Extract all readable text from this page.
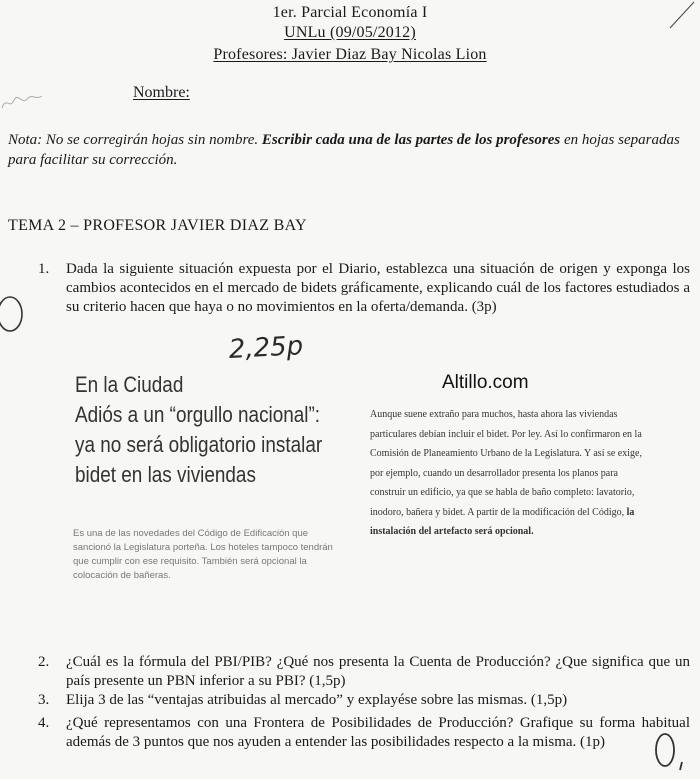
1er. Parcial Economía I
UNLu (09/05/2012)
Profesores: Javier Diaz Bay Nicolas Lion
Nombre:
Nota: No se corregirán hojas sin nombre. Escribir cada una de las partes de los profesores en hojas separadas para facilitar su corrección.
TEMA 2 – PROFESOR JAVIER DIAZ BAY
1. Dada la siguiente situación expuesta por el Diario, establezca una situación de origen y exponga los cambios acontecidos en el mercado de bidets gráficamente, explicando cuál de los factores estudiados a su criterio hacen que haya o no movimientos en la oferta/demanda. (3p)
Altillo.com
En la Ciudad
Adiós a un “orgullo nacional”:
ya no será obligatorio instalar
bidet en las viviendas
Es una de las novedades del Código de Edificación que sancionó la Legislatura porteña. Los hoteles tampoco tendrán que cumplir con ese requisito. También será opcional la colocación de bañeras.
Aunque suene extraño para muchos, hasta ahora las viviendas particulares debían incluir el bidet. Por ley. Así lo confirmaron en la Comisión de Planeamiento Urbano de la Legislatura. Y así se exige, por ejemplo, cuando un desarrollador presenta los planos para construir un edificio, ya que se habla de baño completo: lavatorio, inodoro, bañera y bidet. A partir de la modificación del Código, la instalación del artefacto será opcional.
2. ¿Cuál es la fórmula del PBI/PIB? ¿Qué nos presenta la Cuenta de Producción? ¿Que significa que un país presente un PBN inferior a su PBI? (1,5p)
3. Elija 3 de las “ventajas atribuidas al mercado” y explayése sobre las mismas. (1,5p)
4. ¿Qué representamos con una Frontera de Posibilidades de Producción? Grafique su forma habitual además de 3 puntos que nos ayuden a entender las posibilidades respecto a la misma. (1p)
2,25p
